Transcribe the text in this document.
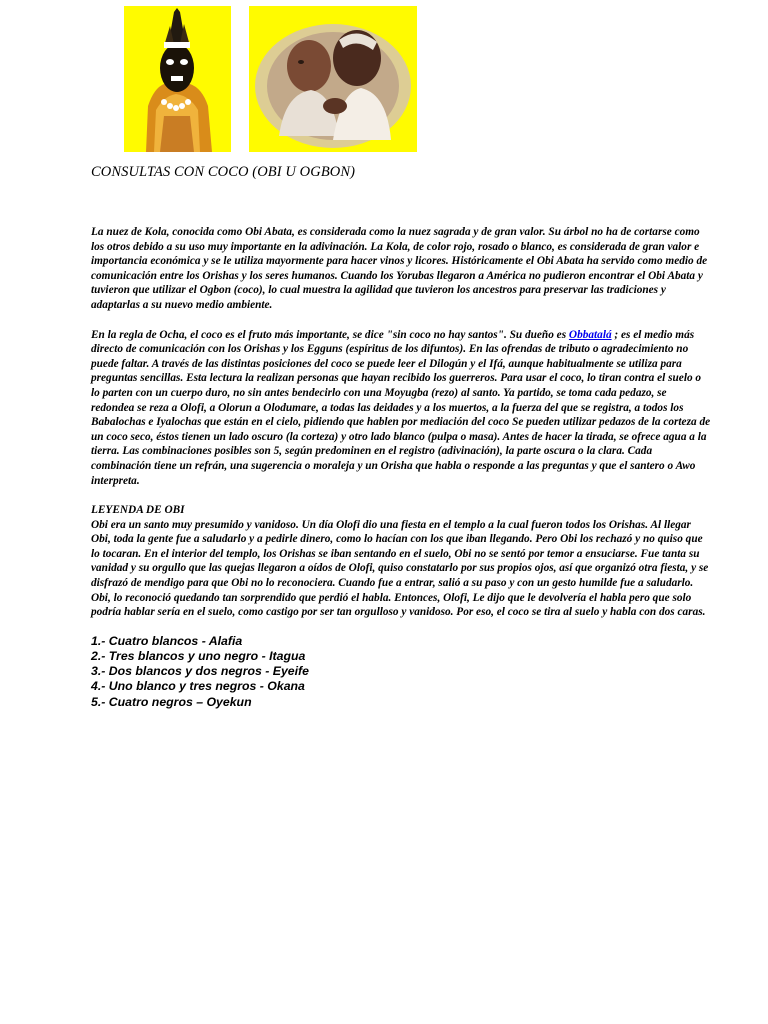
CONSULTAS CON COCO (OBI U OGBON)

La nuez de Kola, conocida como Obi Abata, es considerada como la nuez sagrada y de gran valor. Su árbol no ha de cortarse como los otros debido a su uso muy importante en la adivinación. La Kola, de color rojo, rosado o blanco, es considerada de gran valor e importancia económica y se le utiliza mayormente para hacer vinos y licores. Históricamente el Obi Abata ha servido como medio de comunicación entre los Orishas y los seres humanos. Cuando los Yorubas llegaron a América no pudieron encontrar el Obi Abata y tuvieron que utilizar el Ogbon (coco), lo cual muestra la agilidad que tuvieron los ancestros para preservar las tradiciones y adaptarlas a su nuevo medio ambiente.

En la regla de Ocha, el coco es el fruto más importante, se dice "sin coco no hay santos". Su dueño es Obbatalá ; es el medio más directo de comunicación con los Orishas y los Egguns (espíritus de los difuntos). En las ofrendas de tributo o agradecimiento no puede faltar. A través de las distintas posiciones del coco se puede leer el Dilogún y el Ifá, aunque habitualmente se utiliza para preguntas sencillas. Esta lectura la realizan personas que hayan recibido los guerreros. Para usar el coco, lo tiran contra el suelo o lo parten con un cuerpo duro, no sin antes bendecirlo con una Moyugba (rezo) al santo. Ya partido, se toma cada pedazo, se redondea se reza a Olofi, a Olorun a Olodumare, a todas las deidades y a los muertos, a la fuerza del que se registra, a todos los Babalochas e Iyalochas que están en el cielo, pidiendo que hablen por mediación del coco Se pueden utilizar pedazos de la corteza de un coco seco, éstos tienen un lado oscuro (la corteza) y otro lado blanco (pulpa o masa). Antes de hacer la tirada, se ofrece agua a la tierra. Las combinaciones posibles son 5, según predominen en el registro (adivinación), la parte oscura o la clara. Cada combinación tiene un refrán, una sugerencia o moraleja y un Orisha que habla o responde a las preguntas y que el santero o Awo interpreta.

LEYENDA DE OBI

Obi era un santo muy presumido y vanidoso. Un día Olofi dio una fiesta en el templo a la cual fueron todos los Orishas. Al llegar Obi, toda la gente fue a saludarlo y a pedirle dinero, como lo hacían con los que iban llegando. Pero Obi los rechazó y no quiso que lo tocaran. En el interior del templo, los Orishas se iban sentando en el suelo, Obi no se sentó por temor a ensuciarse. Fue tanta su vanidad y su orgullo que las quejas llegaron a oídos de Olofi, quiso constatarlo por sus propios ojos, así que organizó otra fiesta, y se disfrazó de mendigo para que Obi no lo reconociera. Cuando fue a entrar, salió a su paso y con un gesto humilde fue a saludarlo. Obi, lo reconoció quedando tan sorprendido que perdió el habla. Entonces, Olofi, Le dijo que le devolvería el habla pero que solo podría hablar sería en el suelo, como castigo por ser tan orgulloso y vanidoso. Por eso, el coco se tira al suelo y habla con dos caras.

1.- Cuatro blancos - Alafia
2.- Tres blancos y uno negro - Itagua
3.- Dos blancos y dos negros - Eyeife
4.- Uno blanco y tres negros - Okana
5.- Cuatro negros – Oyekun
